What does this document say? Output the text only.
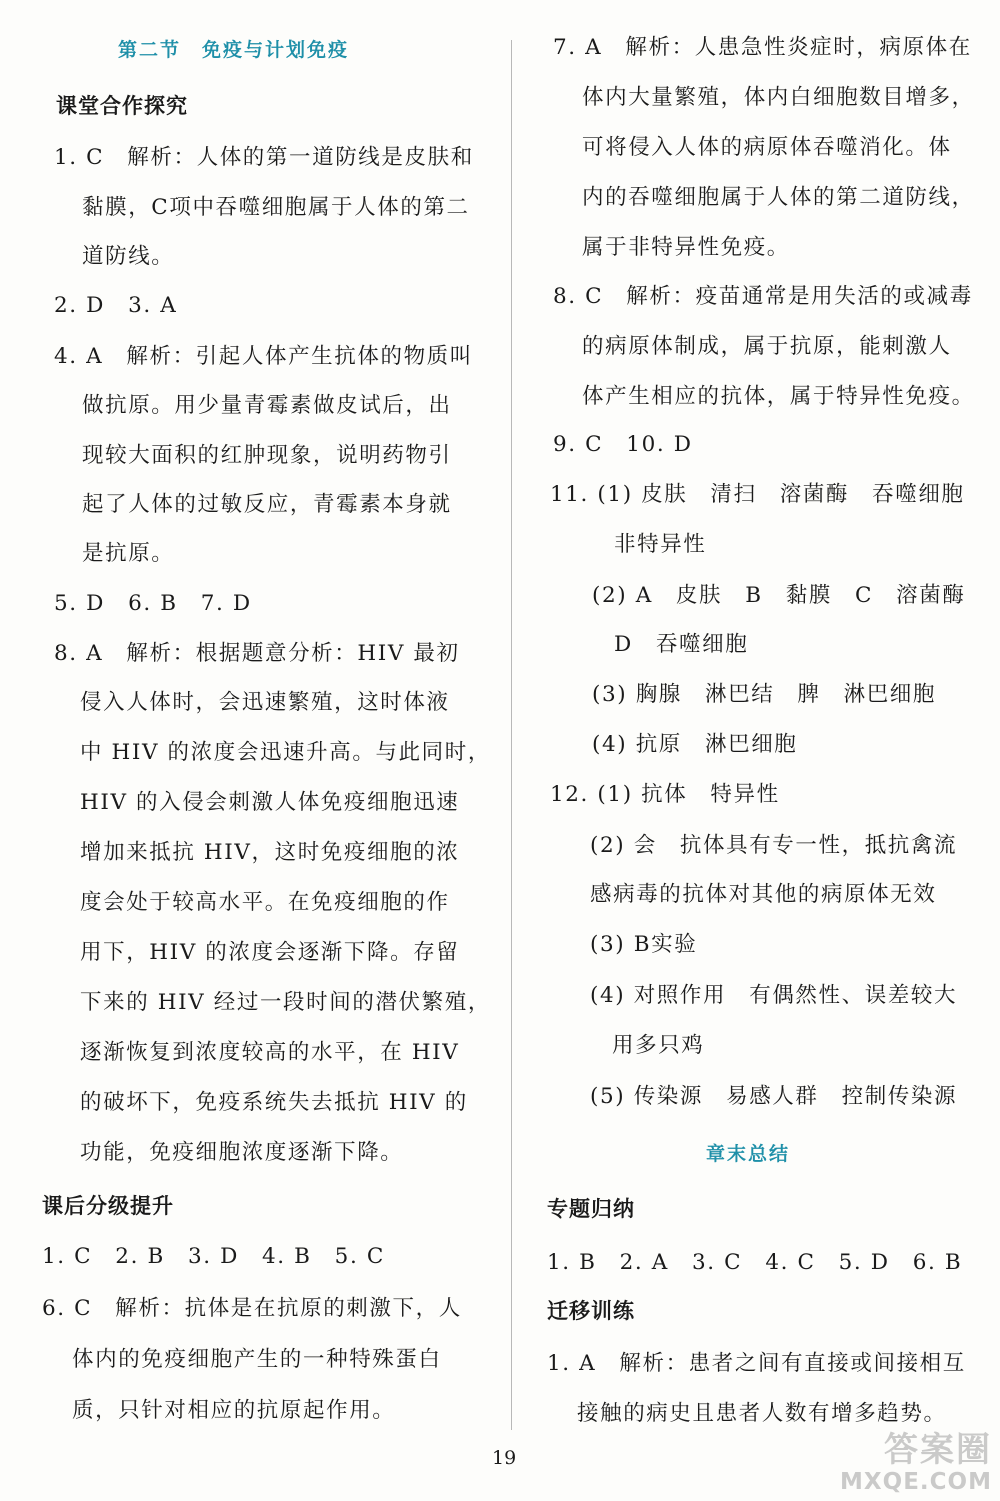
第二节　免疫与计划免疫
课堂合作探究
1. C　解析：人体的第一道防线是皮肤和
黏膜，C项中吞噬细胞属于人体的第二
道防线。
2. D　3. A
4. A　解析：引起人体产生抗体的物质叫
做抗原。用少量青霉素做皮试后，出
现较大面积的红肿现象，说明药物引
起了人体的过敏反应，青霉素本身就
是抗原。
5. D　6. B　7. D
8. A　解析：根据题意分析：HIV 最初
侵入人体时，会迅速繁殖，这时体液
中 HIV 的浓度会迅速升高。与此同时，
HIV 的入侵会刺激人体免疫细胞迅速
增加来抵抗 HIV，这时免疫细胞的浓
度会处于较高水平。在免疫细胞的作
用下，HIV 的浓度会逐渐下降。存留
下来的 HIV 经过一段时间的潜伏繁殖，
逐渐恢复到浓度较高的水平，在 HIV
的破坏下，免疫系统失去抵抗 HIV 的
功能，免疫细胞浓度逐渐下降。
课后分级提升
1. C　2. B　3. D　4. B　5. C
6. C　解析：抗体是在抗原的刺激下，人
体内的免疫细胞产生的一种特殊蛋白
质，只针对相应的抗原起作用。
7. A　解析：人患急性炎症时，病原体在
体内大量繁殖，体内白细胞数目增多，
可将侵入人体的病原体吞噬消化。体
内的吞噬细胞属于人体的第二道防线，
属于非特异性免疫。
8. C　解析：疫苗通常是用失活的或减毒
的病原体制成，属于抗原，能刺激人
体产生相应的抗体，属于特异性免疫。
9. C　10. D
11. (1) 皮肤　清扫　溶菌酶　吞噬细胞
非特异性
(2) A　皮肤　B　黏膜　C　溶菌酶
D　吞噬细胞
(3) 胸腺　淋巴结　脾　淋巴细胞
(4) 抗原　淋巴细胞
12. (1) 抗体　特异性
(2) 会　抗体具有专一性，抵抗禽流
感病毒的抗体对其他的病原体无效
(3) B实验
(4) 对照作用　有偶然性、误差较大
用多只鸡
(5) 传染源　易感人群　控制传染源
章末总结
专题归纳
1. B　2. A　3. C　4. C　5. D　6. B
迁移训练
1. A　解析：患者之间有直接或间接相互
接触的病史且患者人数有增多趋势。
19	答案圈
MXQE.COM
